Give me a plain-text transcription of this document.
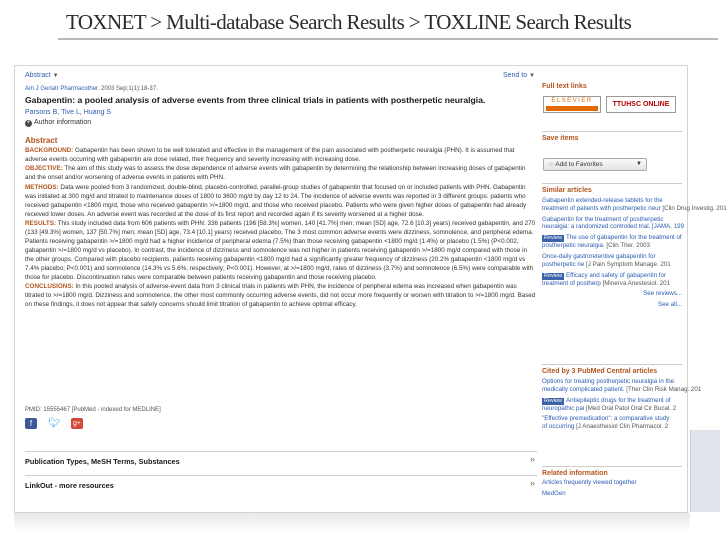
TOXNET > Multi-database Search Results > TOXLINE Search Results
Abstract ▼	Send to ▼
Am J Geriatr Pharmacother. 2003 Sep;1(1):18-37.
Gabapentin: a pooled analysis of adverse events from three clinical trials in patients with postherpetic neuralgia.
Parsons B, Tive L, Huang S
+ Author information
Abstract

BACKGROUND: Gabapentin has been shown to be well tolerated and effective in the management of the pain associated with postherpetic neuralgia (PHN). It is assumed that adverse events occurring with gabapentin are dose related, their frequency and severity increasing with increasing dose.

OBJECTIVE: The aim of this study was to assess the dose dependence of adverse events with gabapentin by determining the relationship between increasing doses of gabapentin and the onset and/or worsening of adverse events in patients with PHN.

METHODS: Data were pooled from 3 randomized, double-blind, placebo-controlled, parallel-group studies of gabapentin that focused on or included patients with PHN. Gabapentin was initiated at 300 mg/d and titrated to maintenance doses of 1800 to 3600 mg/d by day 12 to 24. The incidence of adverse events was reported in 3 different groups: patients who received gabapentin <1800 mg/d, those who received gabapentin >/=1800 mg/d, and those who received placebo. Patients who were given higher doses of gabapentin had already received lower doses. An adverse event was recorded at the dose of its first report and recorded again if its severity worsened at a higher dose.

RESULTS: This study included data from 606 patients with PHN: 336 patients (196 [58.3%] women, 140 [41.7%] men; mean [SD] age, 72.6 [10.3] years) received gabapentin, and 270 (133 [49.3%] women, 137 [50.7%] men; mean [SD] age, 73.4 [10.1] years) received placebo. The 3 most common adverse events were dizziness, somnolence, and peripheral edema. Patients receiving gabapentin >/=1800 mg/d had a higher incidence of peripheral edema (7.5%) than those receiving gabapentin <1800 mg/d (1.4%) or placebo (1.5%) (P<0.002, gabapentin >/=1800 mg/d vs placebo). In contrast, the incidence of dizziness and somnolence was not higher in patients receiving gabapentin >/=1800 mg/d compared with those in the other groups. Compared with placebo recipients, patients receiving gabapentin <1800 mg/d had a significantly greater frequency of dizziness (20.2% gabapentin <1800 mg/d vs 7.4% placebo; P<0.001) and somnolence (14.3% vs 5.6%, respectively; P<0.001). However, at >/=1800 mg/d, rates of dizziness (3.7%) and somnolence (6.5%) were comparable with those for placebo. Discontinuation rates were comparable between patients receiving gabapentin and those receiving placebo.

CONCLUSIONS: In this pooled analysis of adverse-event data from 3 clinical trials in patients with PHN, the incidence of peripheral edema was increased when gabapentin was titrated to >/=1800 mg/d. Dizziness and somnolence, the other most commonly occurring adverse events, did not occur more frequently or worsen with titration to >/=1800 mg/d. Based on these findings, it does not appear that safety concerns should limit titration of gabapentin to achieve optimal efficacy.

PMID: 15555467 [PubMed - indexed for MEDLINE]
f	🐦︎ g+
Publication Types, MeSH Terms, Substances	»
LinkOut - more resources	»
Full text links
ELSEVIER	TTUHSC ONLINE
Save items
☆ Add to Favorites	▼
Similar articles
Gabapentin extended-release tablets for the
treatment of patients with postherpetic neur [Clin Drug Investig. 201
Gabapentin for the treatment of postherpetic
neuralgia: a randomized controlled trial. [JAMA. 199
Review The use of gabapentin for the treatment of
postherpetic neuralgia. [Clin Ther. 2003
Once-daily gastroretentive gabapentin for
postherpetic ne [J Pain Symptom Manage. 201
Review Efficacy and safety of gabapentin for
treatment of postherp [Minerva Anestesiol. 201
See reviews...
See all...
Cited by 3 PubMed Central articles
Options for treating postherpetic neuralgia in the
medically complicated patient. [Ther Clin Risk Manag. 201
Review Antiepileptic drugs for the treatment of
neuropathic pai [Med Oral Patol Oral Cir Bucal. 2
"Effective premedication": a comparative study
of occurring [J Anaesthesiol Clin Pharmacol. 2
Related information
Articles frequently viewed together
MedGen
